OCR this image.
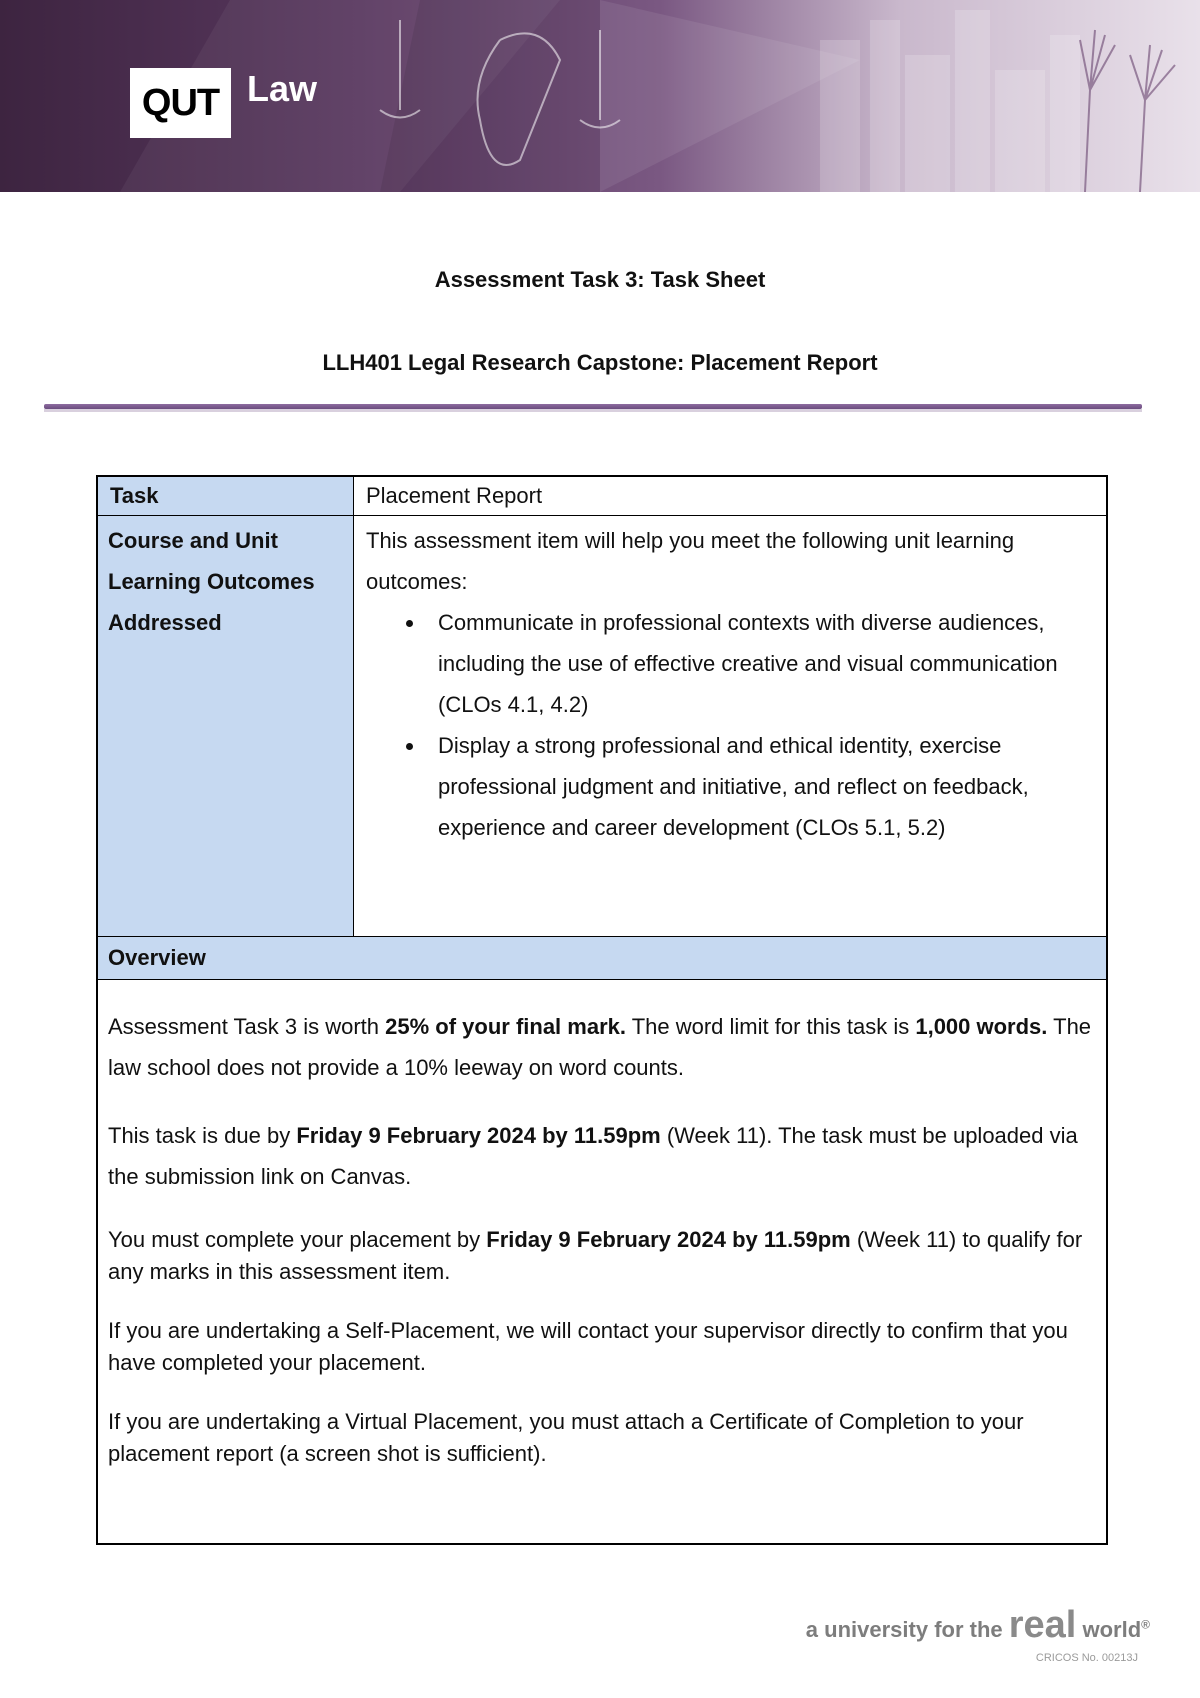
QUT Law
Assessment Task 3: Task Sheet
LLH401 Legal Research Capstone: Placement Report
Task	Placement Report
Course and Unit Learning Outcomes Addressed
This assessment item will help you meet the following unit learning outcomes:
• Communicate in professional contexts with diverse audiences, including the use of effective creative and visual communication (CLOs 4.1, 4.2)
• Display a strong professional and ethical identity, exercise professional judgment and initiative, and reflect on feedback, experience and career development (CLOs 5.1, 5.2)
Overview

Assessment Task 3 is worth 25% of your final mark. The word limit for this task is 1,000 words. The law school does not provide a 10% leeway on word counts.

This task is due by Friday 9 February 2024 by 11.59pm (Week 11). The task must be uploaded via the submission link on Canvas.

You must complete your placement by Friday 9 February 2024 by 11.59pm (Week 11) to qualify for any marks in this assessment item.

If you are undertaking a Self-Placement, we will contact your supervisor directly to confirm that you have completed your placement.

If you are undertaking a Virtual Placement, you must attach a Certificate of Completion to your placement report (a screen shot is sufficient).

a university for the real world®
CRICOS No. 00213J
